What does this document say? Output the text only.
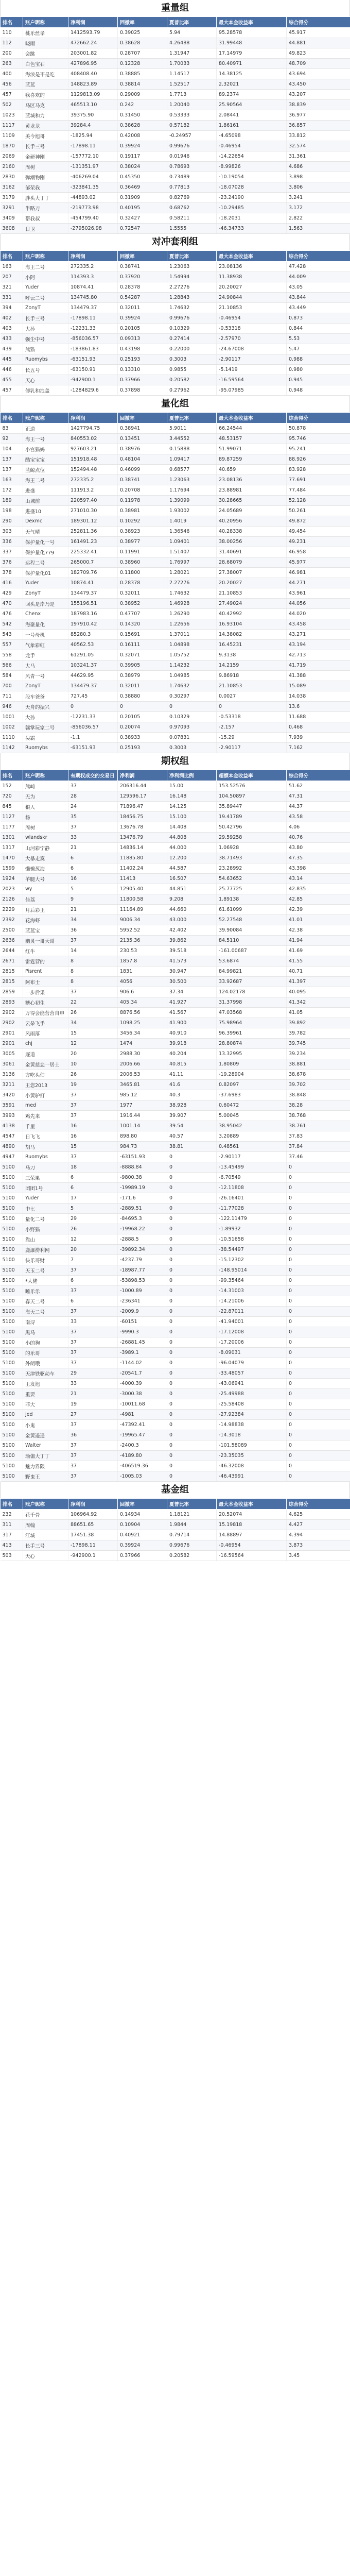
重量组
排名	账户昵称	净利润	回撤率	夏普比率	最大本金收益率	综合得分
110	桃乐丝孝	1412593.79	0.39025	5.94	95.28578	45.917
112	晓雨	472662.24	0.38628	4.26488	31.99448	44.881
200	会跳	203001.82	0.28707	1.31947	17.14979	49.823
263	白色宝石	427896.95	0.12328	1.70033	80.40971	48.709
400	海浪是不是吃	408408.40	0.38885	1.14517	14.38125	43.694
456	蓝蓝	148823.89	0.38814	1.52517	2.32021	43.450
457	我喜欢的	1129813.09	0.29009	1.7713	89.2374	43.207
502	马区马克	465513.10	0.242	1.20040	25.90564	38.839
1023	蓝城和力	39375.90	0.31450	0.53333	2.08441	36.977
1117	黄龙龙	39284.4	0.38628	0.57182	1.86161	36.857
1109	美今旭哥	-1825.94	0.42008	-0.24957	-4.65098	33.812
1870	长手三号	-17898.11	0.39924	0.99676	-0.46954	32.574
2069	金研神刚	-157772.10	0.19117	0.01946	-14.22654	31.361
2160	周树	-131351.97	0.38024	0.78693	-8.99826	4.686
2830	弹潮物刚	-406269.04	0.45350	0.73489	-10.19054	3.898
3162	邹荣我	-323841.35	0.36469	0.77813	-18.07028	3.806
3179	胖头大丁丁	-44893.02	0.31909	0.82769	-23.24190	3.241
3291	半路刀	-219773.98	0.40195	0.68762	-10.29485	3.172
3409	帮我叔	-454799.40	0.32427	0.58211	-18.2031	2.822
3608	日卫	-2795026.98	0.72547	1.5555	-46.34733	1.563
对冲套利组
排名	账户昵称	净利润	回撤率	夏普比率	最大本金收益率	综合得分
163	海王二号	272335.2	0.38741	1.23063	23.08136	47.428
207	小阿	114393.3	0.37920	1.54994	11.38938	44.009
321	Yuder	10874.41	0.28378	2.27276	20.20027	43.05
331	呼云二号	134745.80	0.54287	1.28843	24.90844	43.844
394	ZonyT	134479.37	0.32011	1.74632	21.10853	43.449
402	长手三号	-17898.11	0.39924	0.99676	-0.46954	0.873
403	大孙	-12231.33	0.20105	0.10329	-0.53318	0.844
433	强尘中号	-856036.57	0.09313	0.27414	-2.57970	5.53
439	熊猫	-183861.83	0.43198	0.22000	-24.67008	5.47
445	Ruomybs	-63151.93	0.25193	0.3003	-2.90117	0.988
446	长五号	-63150.91	0.13310	0.9855	-5.1419	0.980
455	天心	-942900.1	0.37966	0.20582	-16.59564	0.945
457	傅乳和浪盖	-1284829.6	0.37898	0.27962	-95.07985	0.948
量化组
排名	账户昵称	净利润	回撤率	夏普比率	最大本金收益率	综合得分
83	正道	1427794.75	0.38941	5.9011	66.24544	50.878
92	海王一号	840553.02	0.13451	3.44552	48.53157	95.746
104	小宫猫妈	927603.21	0.38976	0.15888	51.99071	95.241
137	酷宝宝宝	151918.48	0.48104	1.09417	89.87259	88.926
137	蓝鲸点位	152494.48	0.46099	0.68577	40.659	83.928
163	海王二号	272335.2	0.38741	1.23063	23.08136	77.691
172	进盛	111913.2	0.20708	1.17694	23.88981	77.484
189	山城前	220597.40	0.11978	1.39099	30.28665	52.128
198	进盛10	271010.30	0.38981	1.93002	24.05689	50.261
290	Dexmc	189301.12	0.10292	1.4019	40.20956	49.872
303	天气晴	252811.36	0.38923	1.36546	40.28338	49.454
336	保护量化一号	161491.23	0.38977	1.09401	38.00256	49.231
337	保护量化779	225332.41	0.11991	1.51407	31.40691	46.958
376	运程二号	265000.7	0.38960	1.76997	28.68079	45.977
378	保护量化01	182709.76	0.11800	1.28021	27.38007	46.981
416	Yuder	10874.41	0.28378	2.27276	20.20027	44.271
429	ZonyT	134479.37	0.32011	1.74632	21.10853	43.961
470	回头是岸乃是	155196.51	0.38952	1.46928	27.49024	44.056
476	Chenx	187983.16	0.47707	1.26290	40.42992	44.020
542	海聚量化	197910.42	0.14320	1.22656	16.93104	43.458
543	一号母机	85280.3	0.15691	1.37011	14.38082	43.271
557	气象彩虹	40562.53	0.16111	1.04898	16.45231	43.194
558	龙手	61291.05	0.32071	1.05752	9.3138	42.713
566	大马	103241.37	0.39905	1.14232	14.2159	41.719
584	风青一号	44629.95	0.38979	1.04985	9.86918	41.388
700	ZonyT	134479.37	0.32011	1.74632	21.10853	15.089
711	段车爸爸	727.45	0.38880	0.30297	0.0027	14.038
946	天舟的振兴	0	0	0	0	13.6
1001	大孙	-12231.33	0.20105	0.10329	-0.53318	11.688
1002	赣掌玩家二号	-856036.57	0.20074	0.97093	-2.157	0.468
1110	吴霸	-1.1	0.38933	0.07831	-15.29	7.939
1142	Ruomybs	-63151.93	0.25193	0.3003	-2.90117	7.162
期权组
排名	账户昵称	有期权成交的交易日	净利润	净利润比例	超额本金收益率	综合得分
152	熊崎	37	206316.44	15.00	153.52576	51.62
720	无为	28	129596.17	16.148	104.50897	47.31
845	狼人	24	71896.47	14.125	35.89447	44.37
1127	杨	35	18456.75	15.100	19.41789	43.58
1177	周树	37	13676.78	14.408	50.42796	4.06
1301	wlandskr	33	13476.79	44.808	29.59258	40.76
1317	山河彩宁静	21	14836.14	44.000	1.06928	43.80
1470	大暴走寞	6	11885.80	12.200	38.71493	47.35
1599	懒懒葱海	6	11402.24	44.587	23.28992	43.398
1924	羊腿大号	16	11413	16.507	54.63652	43.14
2023	wy	5	12905.40	44.851	25.77725	42.835
2126	佳荔	9	11800.58	9.208	1.89138	42.85
2229	月后彩王	21	11164.89	44.660	61.61099	42.39
2392	花海虾	34	9006.34	43.000	52.27548	41.01
2500	蓝蓝宝	36	5952.52	42.402	39.90084	42.38
2636	幽灵一哥天哥	37	2135.36	39.862	84.5110	41.94
2644	红牛	14	230.53	39.518	-161.00687	41.69
2671	雷霆营的	8	1857.8	41.573	53.6874	41.55
2815	Pisrent	8	1831	30.947	84.99821	40.71
2815	阿布士	8	4056	30.500	33.92687	41.397
2859	一步后果	37	906.6	37.34	124.02178	40.095
2893	糖心初生	22	405.34	41.927	31.37998	41.342
2902	万得会能营营自申	26	8876.56	41.567	47.03568	41.05
2902	云朵飞手	34	1098.25	41.900	75.98964	39.892
2901	风雨落	15	3456.34	40.910	96.39961	39.782
2901	chj	12	1474	39.918	28.80874	39.745
3005	逐道	20	2988.30	40.204	13.32995	39.234
3061	金黄慈悲一居士	10	2006.66	40.815	1.80809	38.881
3136	方吃头伯	26	2006.53	41.11	-19.28904	38.678
3211	王您2013	19	3465.81	41.6	0.82097	39.702
3420	小黄驴打	37	985.12	40.3	-37.6983	38.848
3591	med	37	1977	38.928	0.60472	38.28
3993	鸡先来	37	1916.44	39.907	5.00045	38.768
4138	千里	16	1001.14	39.54	38.95042	38.761
4547	日飞飞	16	898.80	40.57	3.20889	37.83
4890	胡马	15	984.73	38.81	0.48561	37.84
4947	Ruomybs	37	-63151.93	0	-2.90117	37.46
5100	马刀	18	-8888.84	0	-13.45499	0
5100	三荣果	6	-9800.38	0	-6.70549	0
5100	团团1号	6	-19989.19	0	-12.11808	0
5100	Yuder	17	-171.6	0	-26.16401	0
5100	中七	5	-2889.51	0	-11.77028	0
5100	量化二号	29	-84695.3	0	-122.11479	0
5100	小野猫	26	-19968.22	0	-1.89932	0
5100	靠山	12	-2888.5	0	-10.51658	0
5100	鹿瀑捞利网	20	-39892.34	0	-38.54497	0
5100	快乐哥财	7	-4237.79	0	-15.12302	0
5100	天玉二号	37	-18987.77	0	-148.95014	0
5100	*大佬	6	-53898.53	0	-99.35464	0
5100	睡乐乐	37	-1000.89	0	-14.31003	0
5100	春天二号	6	-236341	0	-14.21006	0
5100	海天二号	37	-2009.9	0	-22.87011	0
5100	南浔	33	-60151	0	-41.94001	0
5100	黑马	37	-9990.3	0	-17.12008	0
5100	小的狗	37	-26881.45	0	-17.20006	0
5100	的乐哥	37	-3989.1	0	-8.09031	0
5100	外朗哦	37	-1144.02	0	-96.04079	0
5100	天津铁驱动车	29	-20541.7	0	-33.48057	0
5100	王发旭	33	-4000.39	0	-43.06941	0
5100	重要	21	-3000.38	0	-25.49988	0
5100	菲大	19	-10011.68	0	-25.58408	0
5100	jed	27	-4981	0	-27.92384	0
5100	小鬼	37	-47392.41	0	-14.98838	0
5100	金黄遥遥	36	-19965.47	0	-14.3018	0
5100	Walter	37	-2400.3	0	-101.58089	0
5100	瑜伽大丁丁	37	-4189.80	0	-23.35035	0
5100	魅力界限	37	-406519.36	0	-46.32008	0
5100	野鬼王	37	-1005.03	0	-46.43991	0
基金组
排名	账户昵称	净利润	回撤率	夏普比率	最大本金收益率	综合得分
232	花千骨	106964.92	0.14934	1.18121	20.52074	4.625
311	周翰	88651.65	0.10904	1.9844	15.19818	4.427
317	江城	17451.38	0.40921	0.79714	14.88897	4.394
413	长手三号	-17898.11	0.39924	0.99676	-0.46954	3.873
503	天心	-942900.1	0.37966	0.20582	-16.59564	3.45
